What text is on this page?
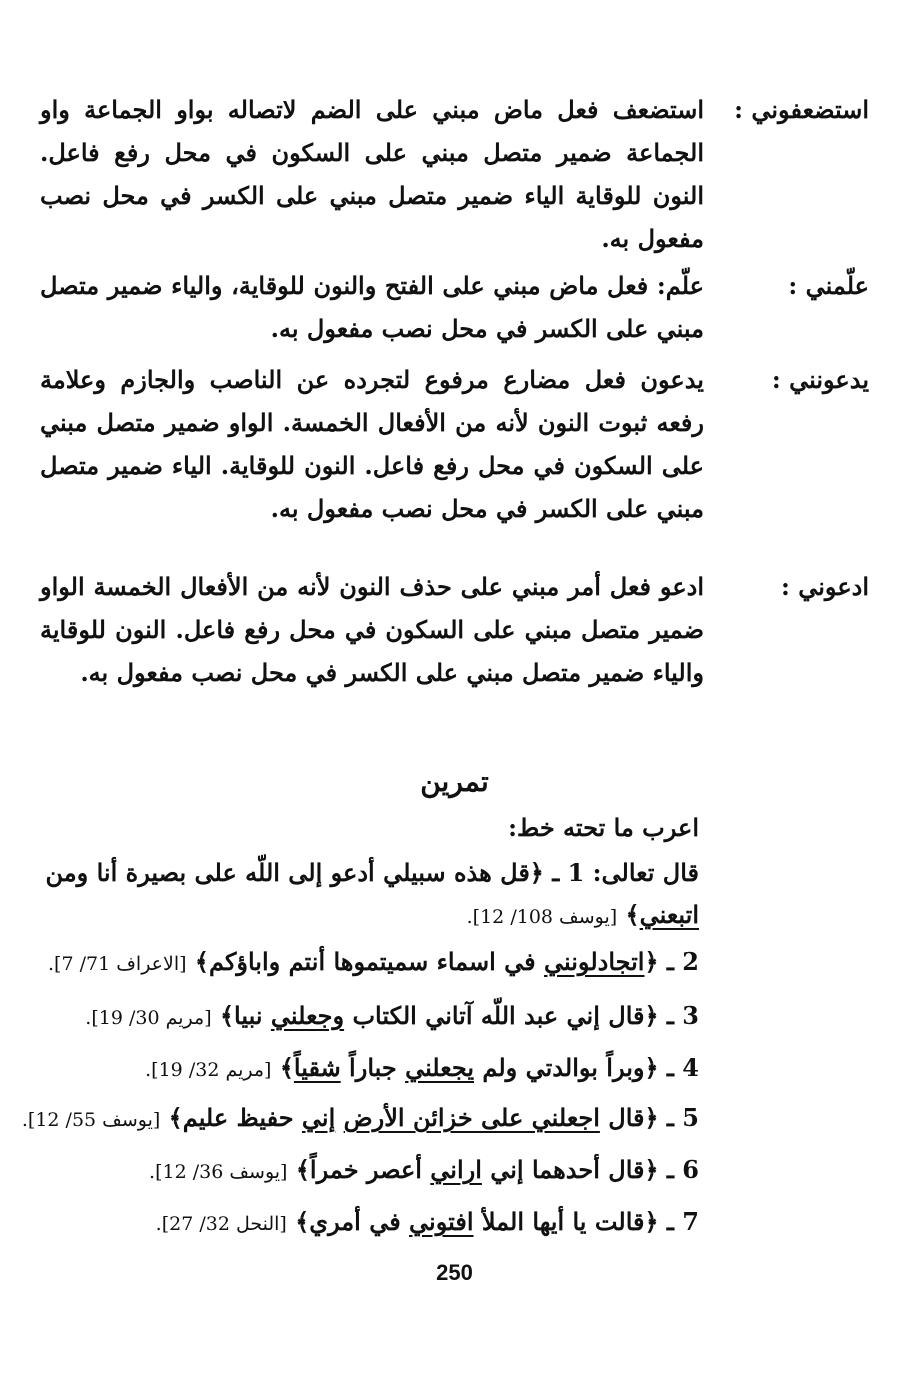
استضعفوني :
استضعف فعل ماض مبني على الضم لاتصاله بواو الجماعة واو الجماعة ضمير متصل مبني على السكون في محل رفع فاعل. النون للوقاية الياء ضمير متصل مبني على الكسر في محل نصب مفعول به.
علّمني :
علّم: فعل ماض مبني على الفتح والنون للوقاية، والياء ضمير متصل مبني على الكسر في محل نصب مفعول به.
يدعونني :
يدعون فعل مضارع مرفوع لتجرده عن الناصب والجازم وعلامة رفعه ثبوت النون لأنه من الأفعال الخمسة. الواو ضمير متصل مبني على السكون في محل رفع فاعل. النون للوقاية. الياء ضمير متصل مبني على الكسر في محل نصب مفعول به.
ادعوني :
ادعو فعل أمر مبني على حذف النون لأنه من الأفعال الخمسة الواو ضمير متصل مبني على السكون في محل رفع فاعل. النون للوقاية والياء ضمير متصل مبني على الكسر في محل نصب مفعول به.
تمرين
اعرب ما تحته خط:
قال تعالى: 1 ـ ﴿قل هذه سبيلي أدعو إلى اللّه على بصيرة أنا ومن اتبعني﴾ [يوسف 108/ 12].
2 ـ ﴿اتجادلونني في اسماء سميتموها أنتم واباؤكم﴾ [الاعراف 71/ 7].
3 ـ ﴿قال إني عبد اللّه آتاني الكتاب وجعلني نبيا﴾ [مريم 30/ 19].
4 ـ ﴿وبراً بوالدتي ولم يجعلني جباراً شقياً﴾ [مريم 32/ 19].
5 ـ ﴿قال اجعلني على خزائن الأرض إني حفيظ عليم﴾ [يوسف 55/ 12].
6 ـ ﴿قال أحدهما إني اراني أعصر خمراً﴾ [يوسف 36/ 12].
7 ـ ﴿قالت يا أيها الملأ افتوني في أمري﴾ [النحل 32/ 27].
250
